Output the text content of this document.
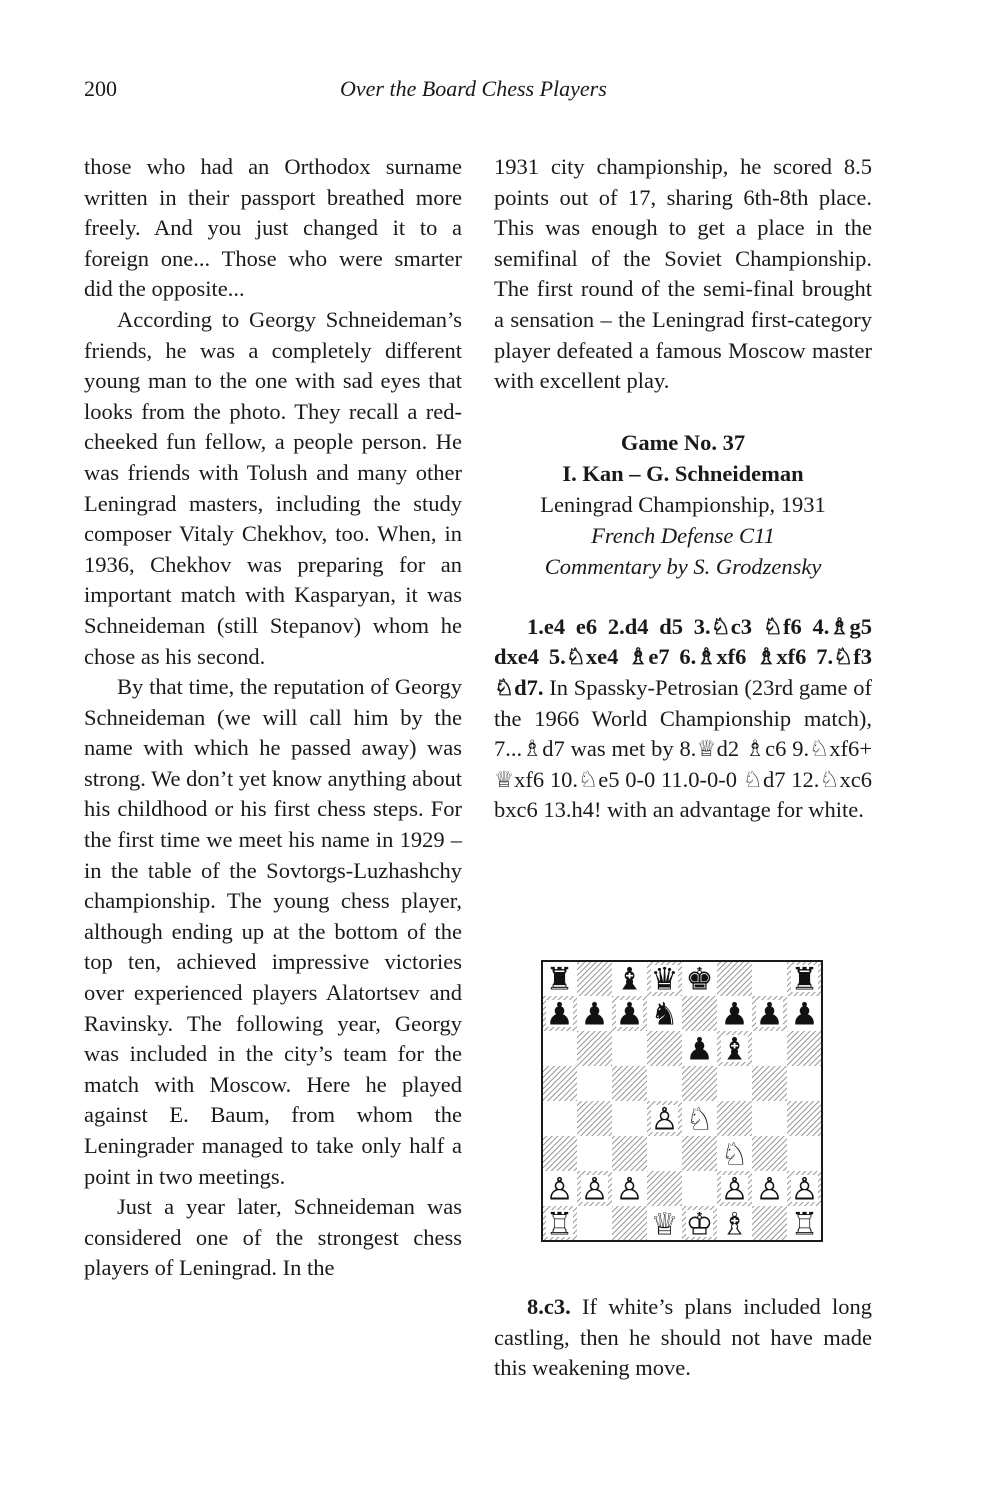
200	Over the Board Chess Players

those who had an Orthodox surname written in their passport breathed more freely. And you just changed it to a foreign one... Those who were smarter did the opposite...

According to Georgy Schneideman’s friends, he was a completely different young man to the one with sad eyes that looks from the photo. They recall a red-cheeked fun fellow, a people person. He was friends with Tolush and many other Leningrad masters, including the study composer Vitaly Chekhov, too. When, in 1936, Chekhov was preparing for an important match with Kasparyan, it was Schneideman (still Stepanov) whom he chose as his second.

By that time, the reputation of Georgy Schneideman (we will call him by the name with which he passed away) was strong. We don’t yet know anything about his childhood or his first chess steps. For the first time we meet his name in 1929 – in the table of the Sovtorgs-Luzhashchy championship. The young chess player, although ending up at the bottom of the top ten, achieved impressive victories over experienced players Alatortsev and Ravinsky. The following year, Georgy was included in the city’s team for the match with Moscow. Here he played against E. Baum, from whom the Leningrader managed to take only half a point in two meetings.

Just a year later, Schneideman was considered one of the strongest chess players of Leningrad. In the

1931 city championship, he scored 8.5 points out of 17, sharing 6th-8th place. This was enough to get a place in the semifinal of the Soviet Championship. The first round of the semi-final brought a sensation – the Leningrad first-category player defeated a famous Moscow master with excellent play.

Game No. 37
I. Kan – G. Schneideman
Leningrad Championship, 1931
French Defense C11
Commentary by S. Grodzensky

1.e4 e6 2.d4 d5 3.♘c3 ♘f6 4.♗g5 dxe4 5.♘xe4 ♗e7 6.♗xf6 ♗xf6 7.♘f3 ♘d7. In Spassky-Petrosian (23rd game of the 1966 World Championship match), 7...♗d7 was met by 8.♕d2 ♗c6 9.♘xf6+ ♕xf6 10.♘e5 0-0 11.0-0-0 ♘d7 12.♘xc6 bxc6 13.h4! with an advantage for white.

♜ ♝ ♛ ♚ ♜
♟ ♟ ♟ ♞ ♟ ♟ ♟
♟ ♝
♙ ♘
♘
♙ ♙ ♙ ♙ ♙ ♙
♖ ♕ ♔ ♗ ♖

8.c3. If white’s plans included long castling, then he should not have made this weakening move.
